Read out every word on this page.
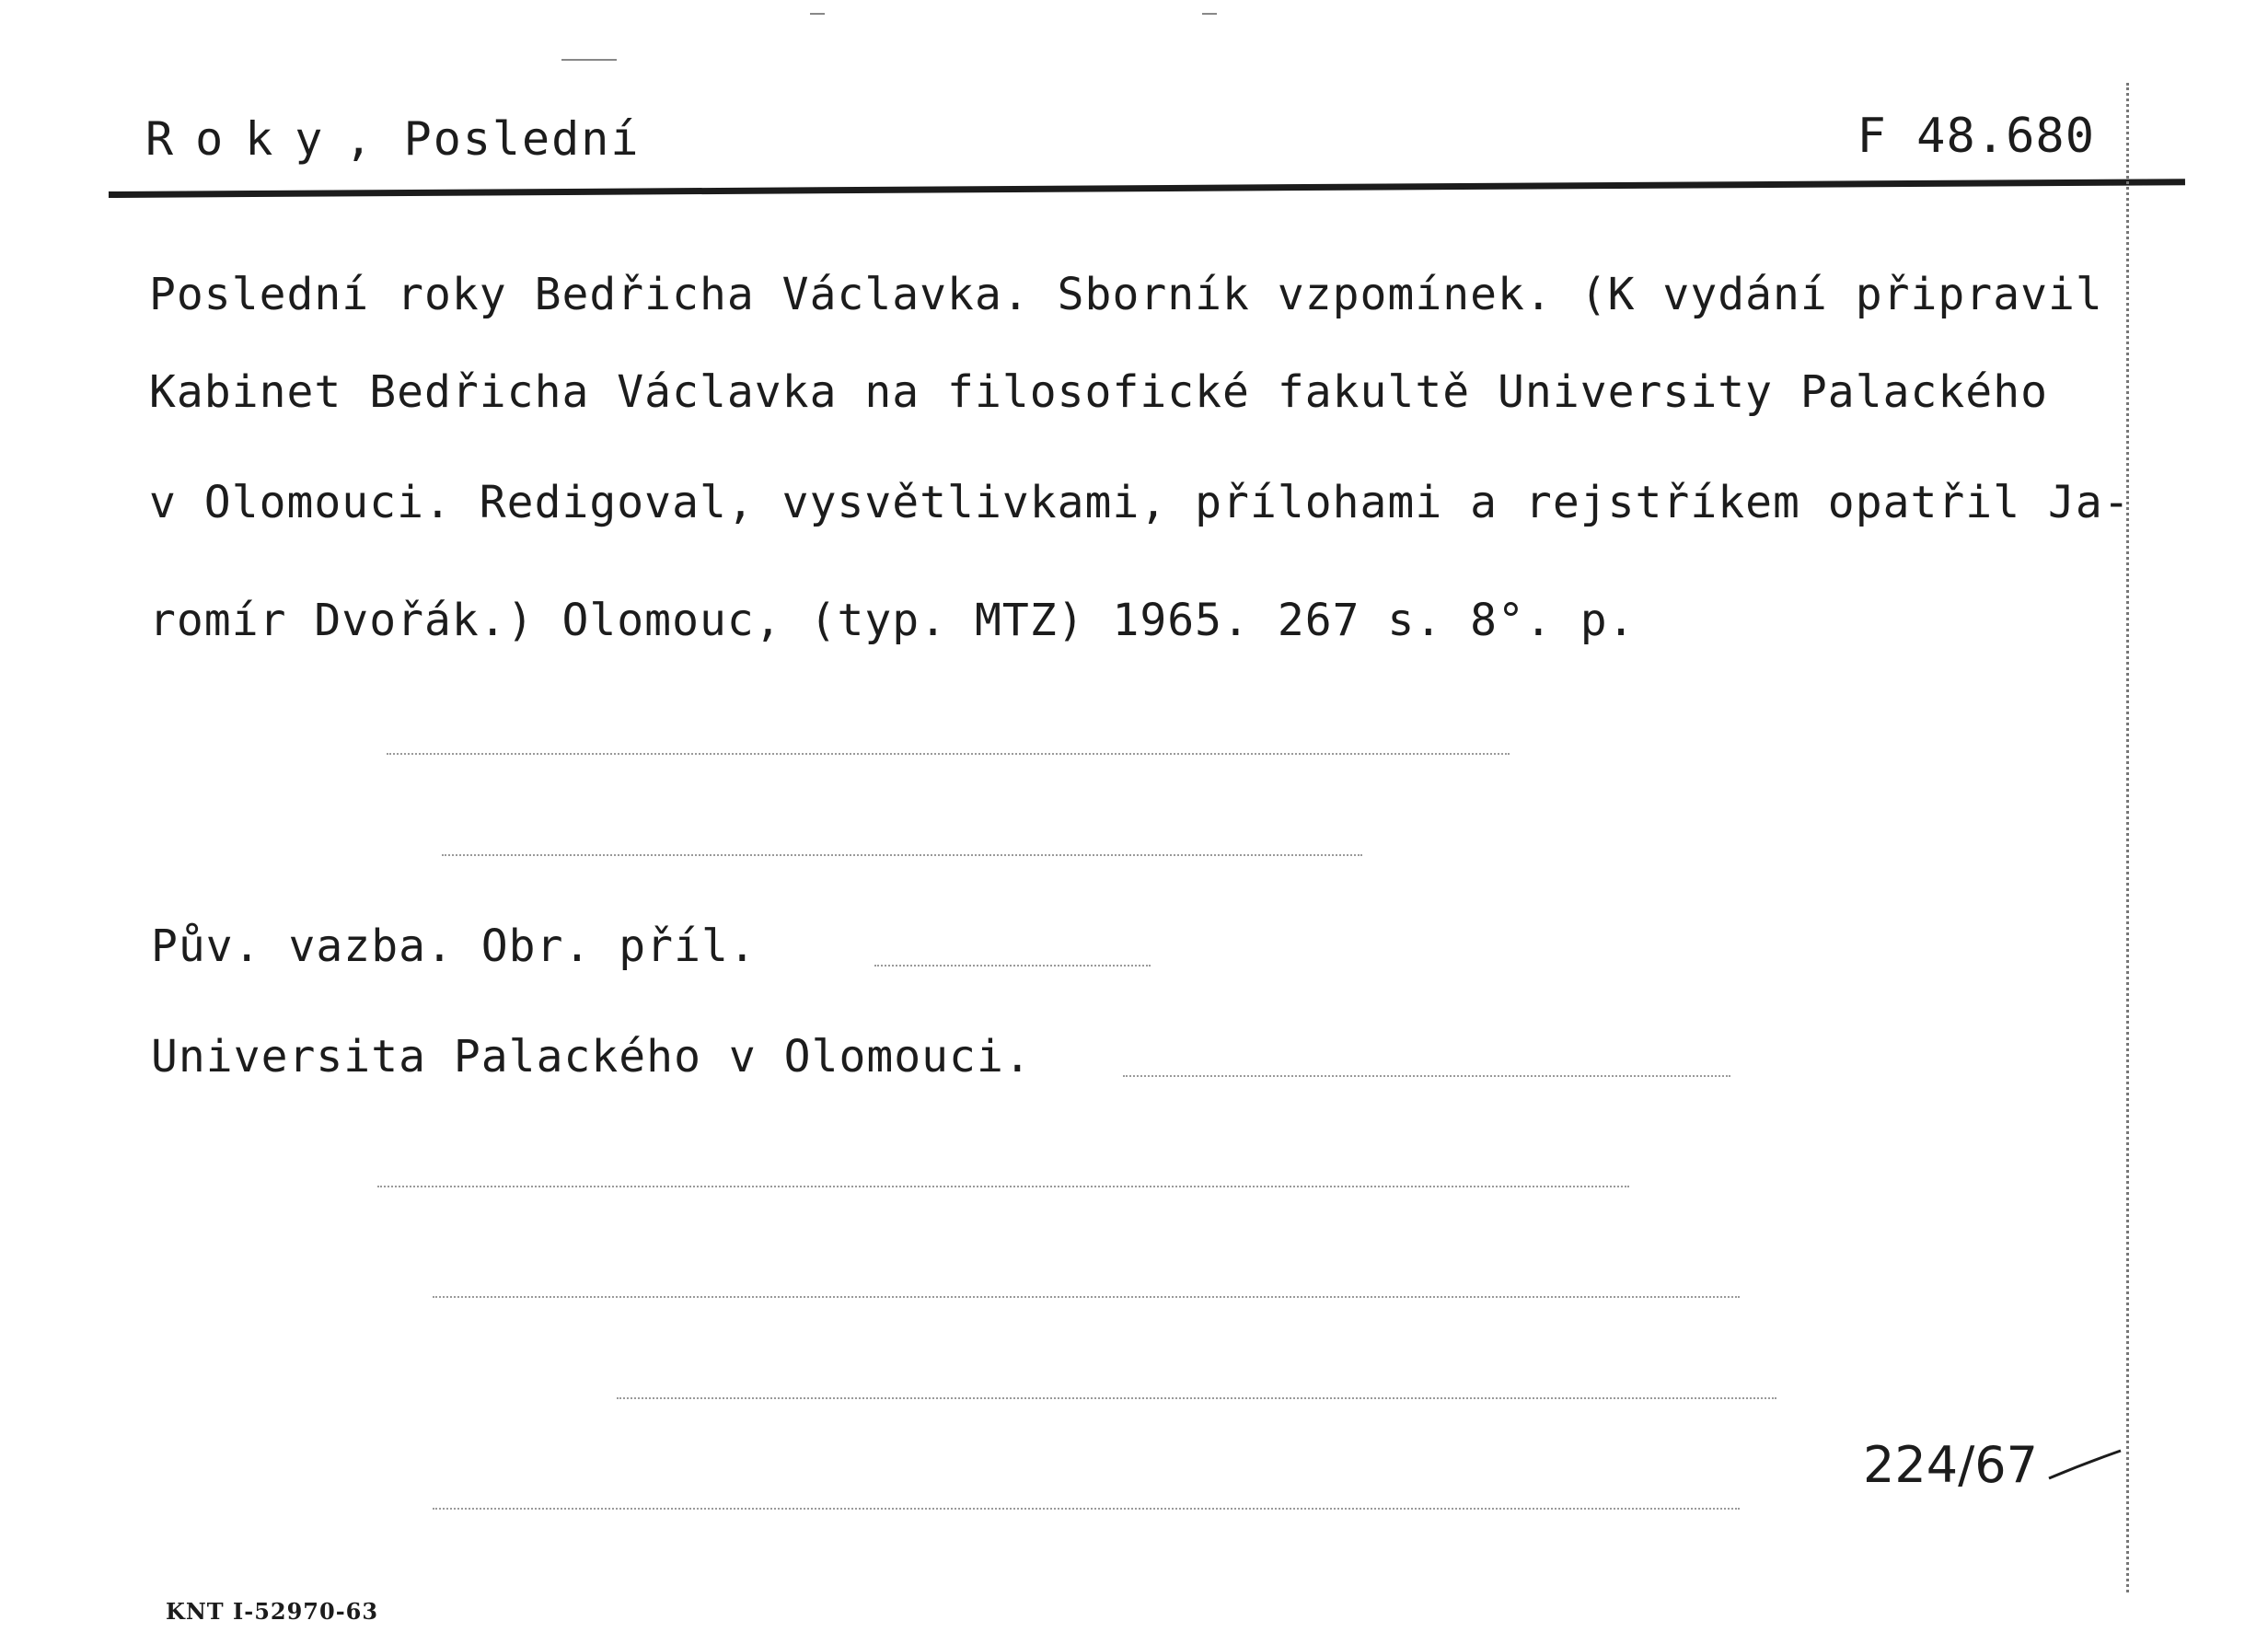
Roky, Poslední	F 48.680
Poslední roky Bedřicha Václavka. Sborník vzpomínek. (K vydání připravil
Kabinet Bedřicha Václavka na filosofické fakultě University Palackého
v Olomouci. Redigoval, vysvětlivkami, přílohami a rejstříkem opatřil Ja-
romír Dvořák.) Olomouc, (typ. MTZ) 1965. 267 s. 8°. p.
Pův. vazba. Obr. příl.
Universita Palackého v Olomouci.
224/67
KNT I-52970-63
